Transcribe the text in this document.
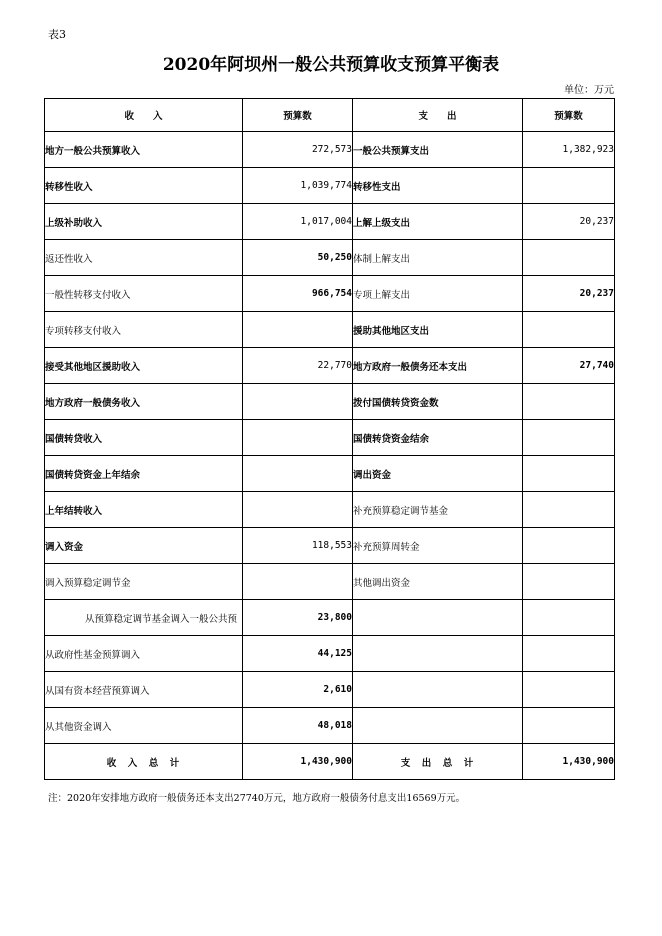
表3
2020年阿坝州一般公共预算收支预算平衡表
单位：万元
收　　入	预算数	支　　出	预算数
地方一般公共预算收入	272,573	一般公共预算支出	1,382,923
转移性收入	1,039,774	转移性支出	
上级补助收入	1,017,004	上解上级支出	20,237
返还性收入	50,250	体制上解支出	
一般性转移支付收入	966,754	专项上解支出	20,237
专项转移支付收入		援助其他地区支出	
接受其他地区援助收入	22,770	地方政府一般债务还本支出	27,740
地方政府一般债务收入		拨付国债转贷资金数	
国债转贷收入		国债转贷资金结余	
国债转贷资金上年结余		调出资金	
上年结转收入		补充预算稳定调节基金	
调入资金	118,553	补充预算周转金	
调入预算稳定调节金		其他调出资金	
从预算稳定调节基金调入一般公共预	23,800		
从政府性基金预算调入	44,125		
从国有资本经营预算调入	2,610		
从其他资金调入	48,018		
收　入　总　计	1,430,900	支　出　总　计	1,430,900
注：2020年安排地方政府一般债务还本支出27740万元，地方政府一般债务付息支出16569万元。
